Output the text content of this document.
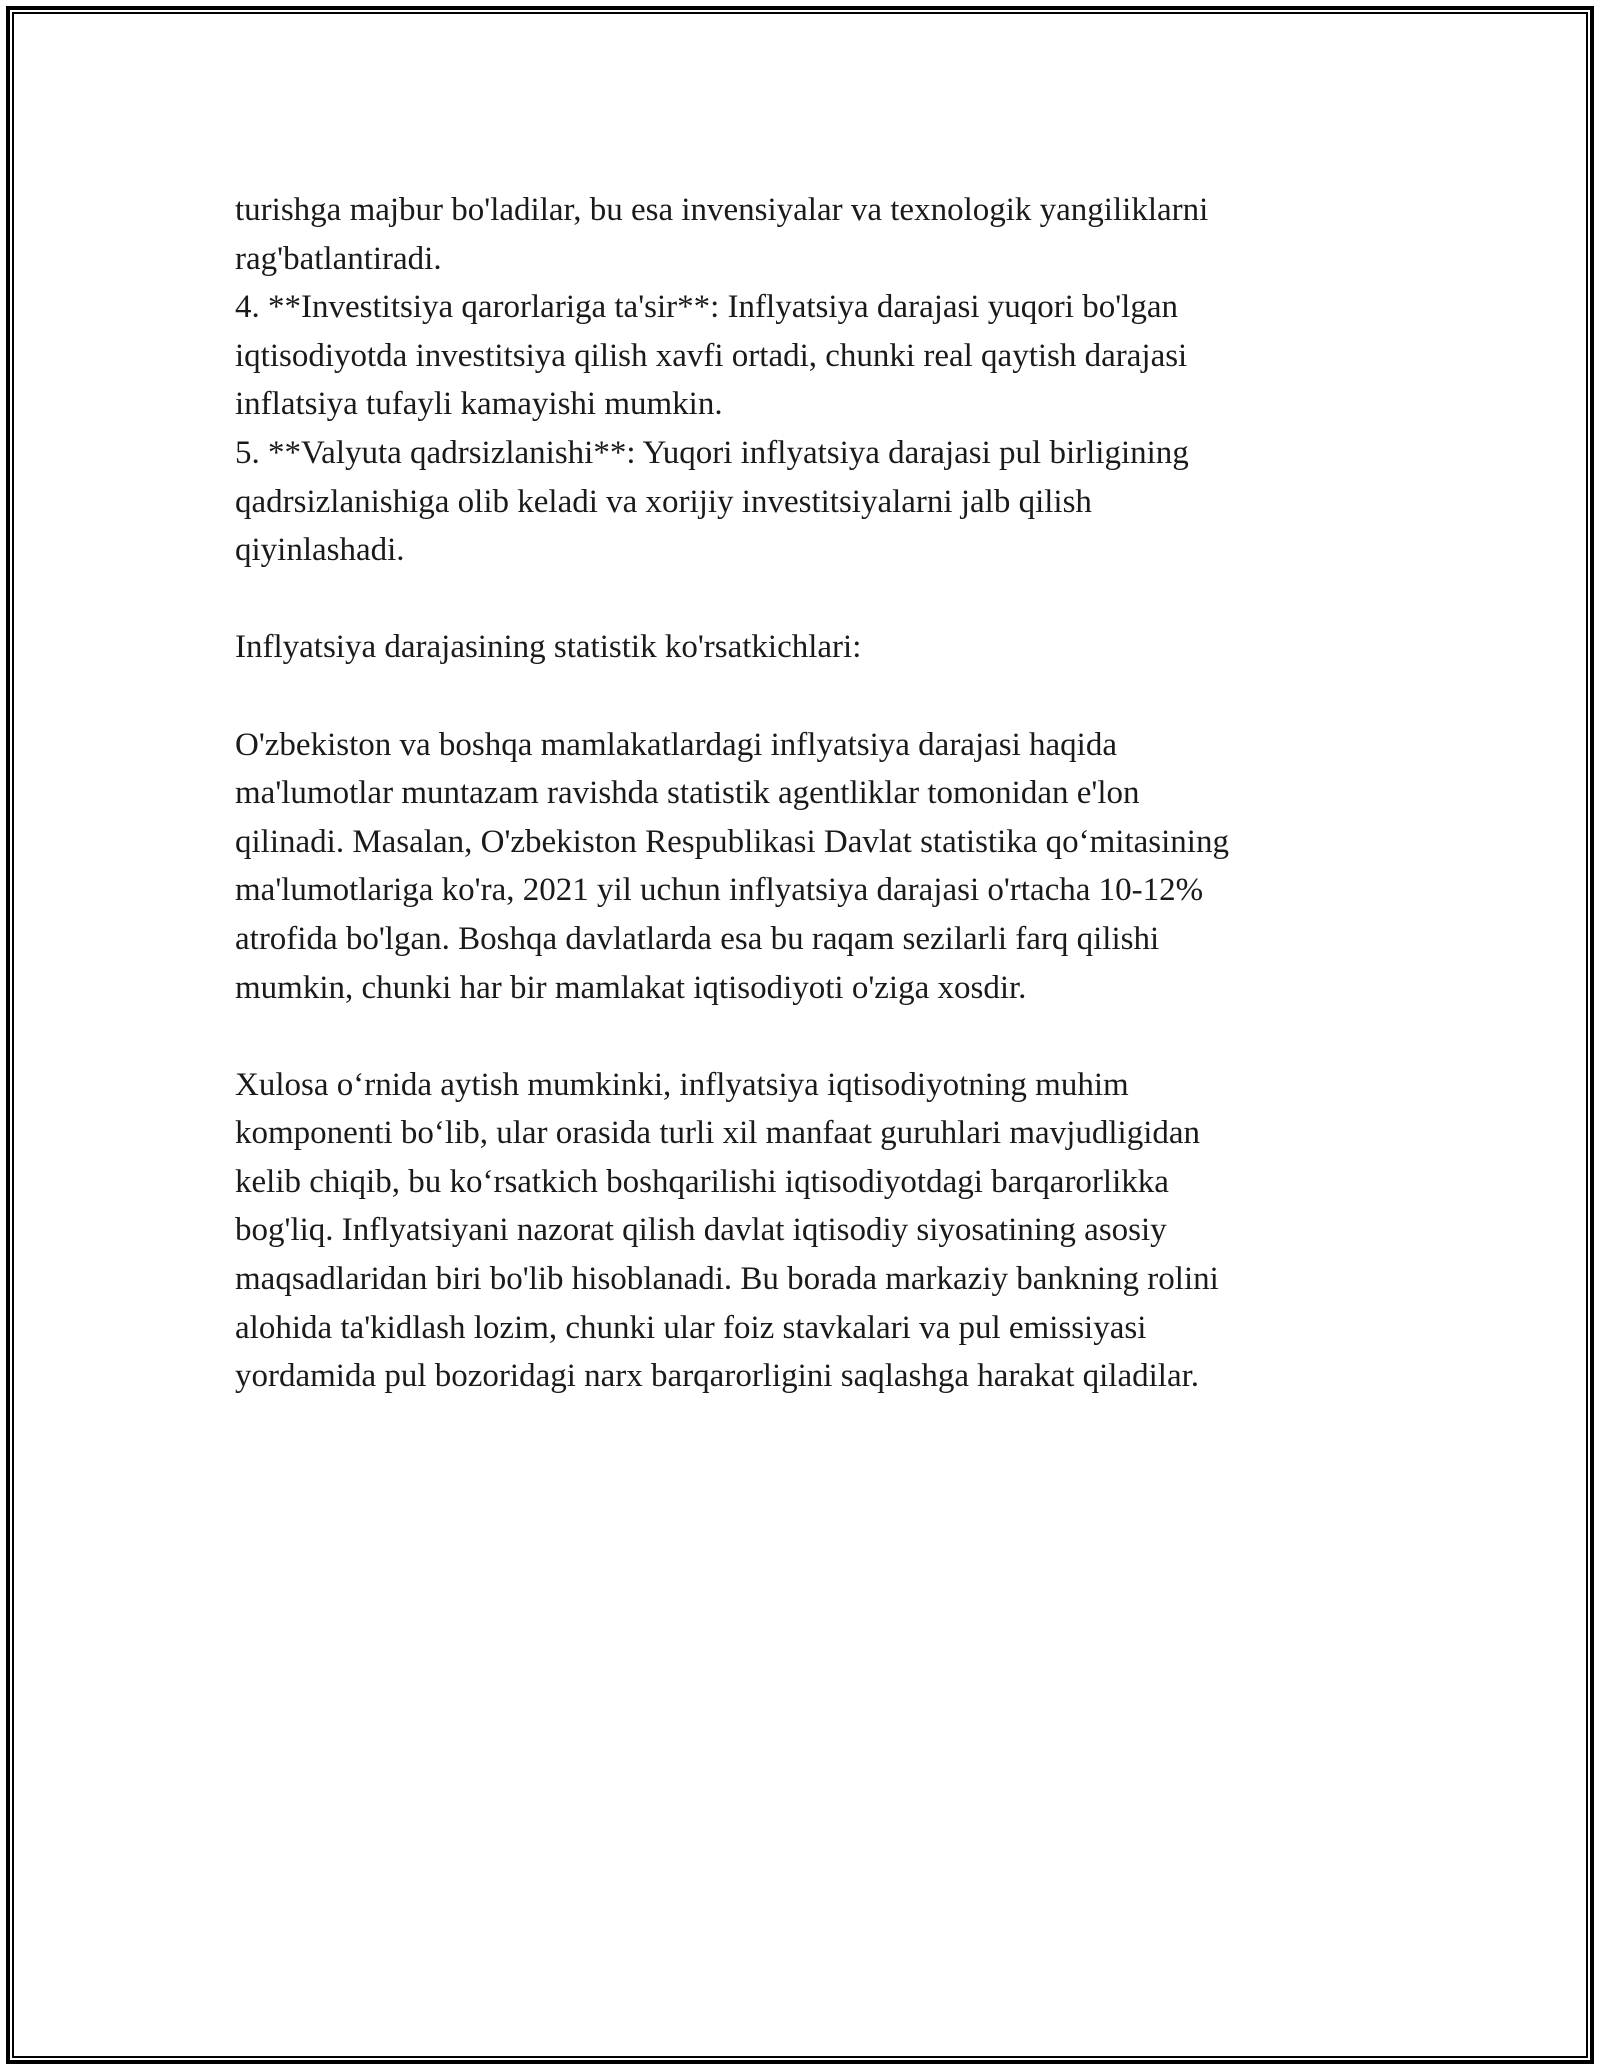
turishga majbur bo'ladilar, bu esa invensiyalar va texnologik yangiliklarni
rag'batlantiradi.
4. **Investitsiya qarorlariga ta'sir**: Inflyatsiya darajasi yuqori bo'lgan
iqtisodiyotda investitsiya qilish xavfi ortadi, chunki real qaytish darajasi
inflatsiya tufayli kamayishi mumkin.
5. **Valyuta qadrsizlanishi**: Yuqori inflyatsiya darajasi pul birligining
qadrsizlanishiga olib keladi va xorijiy investitsiyalarni jalb qilish
qiyinlashadi.
Inflyatsiya darajasining statistik ko'rsatkichlari:
O'zbekiston va boshqa mamlakatlardagi inflyatsiya darajasi haqida
ma'lumotlar muntazam ravishda statistik agentliklar tomonidan e'lon
qilinadi. Masalan, O'zbekiston Respublikasi Davlat statistika qo‘mitasining
ma'lumotlariga ko'ra, 2021 yil uchun inflyatsiya darajasi o'rtacha 10-12%
atrofida bo'lgan. Boshqa davlatlarda esa bu raqam sezilarli farq qilishi
mumkin, chunki har bir mamlakat iqtisodiyoti o'ziga xosdir.
Xulosa o‘rnida aytish mumkinki, inflyatsiya iqtisodiyotning muhim
komponenti bo‘lib, ular orasida turli xil manfaat guruhlari mavjudligidan
kelib chiqib, bu ko‘rsatkich boshqarilishi iqtisodiyotdagi barqarorlikka
bog'liq. Inflyatsiyani nazorat qilish davlat iqtisodiy siyosatining asosiy
maqsadlaridan biri bo'lib hisoblanadi. Bu borada markaziy bankning rolini
alohida ta'kidlash lozim, chunki ular foiz stavkalari va pul emissiyasi
yordamida pul bozoridagi narx barqarorligini saqlashga harakat qiladilar.
